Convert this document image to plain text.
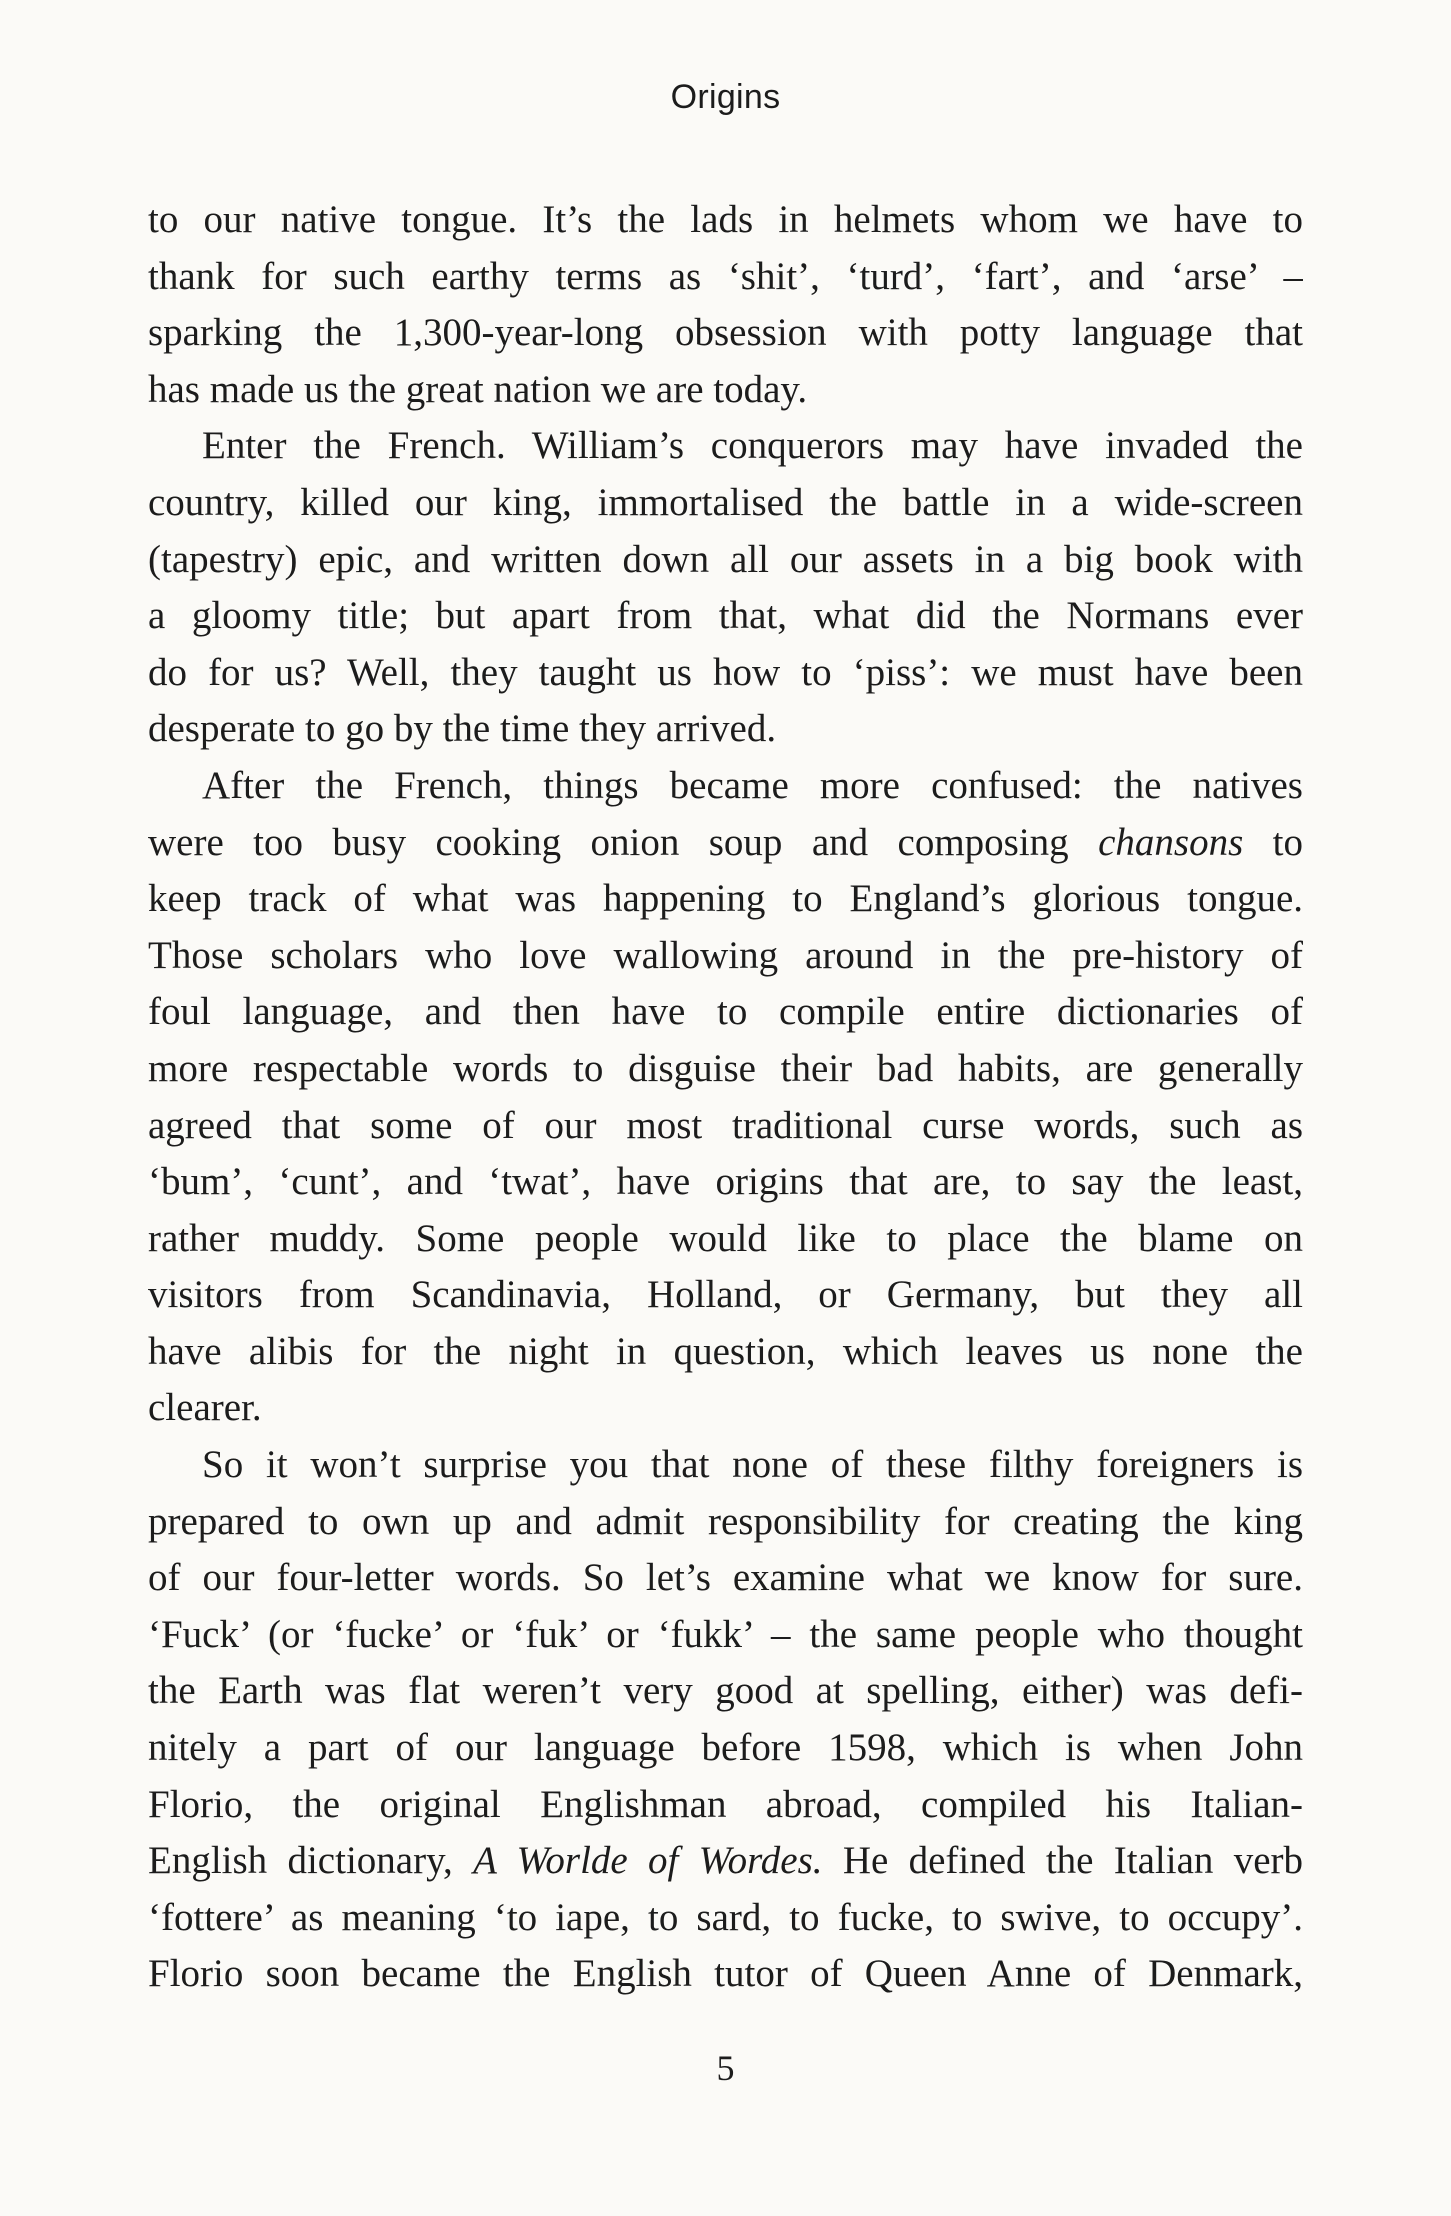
Origins
to our native tongue. It’s the lads in helmets whom we have to
thank for such earthy terms as ‘shit’, ‘turd’, ‘fart’, and ‘arse’ –
sparking the 1,300-year-long obsession with potty language that
has made us the great nation we are today.
Enter the French. William’s conquerors may have invaded the
country, killed our king, immortalised the battle in a wide-screen
(tapestry) epic, and written down all our assets in a big book with
a gloomy title; but apart from that, what did the Normans ever
do for us? Well, they taught us how to ‘piss’: we must have been
desperate to go by the time they arrived.
After the French, things became more confused: the natives
were too busy cooking onion soup and composing chansons to
keep track of what was happening to England’s glorious tongue.
Those scholars who love wallowing around in the pre-history of
foul language, and then have to compile entire dictionaries of
more respectable words to disguise their bad habits, are generally
agreed that some of our most traditional curse words, such as
‘bum’, ‘cunt’, and ‘twat’, have origins that are, to say the least,
rather muddy. Some people would like to place the blame on
visitors from Scandinavia, Holland, or Germany, but they all
have alibis for the night in question, which leaves us none the
clearer.
So it won’t surprise you that none of these filthy foreigners is
prepared to own up and admit responsibility for creating the king
of our four-letter words. So let’s examine what we know for sure.
‘Fuck’ (or ‘fucke’ or ‘fuk’ or ‘fukk’ – the same people who thought
the Earth was flat weren’t very good at spelling, either) was defi-
nitely a part of our language before 1598, which is when John
Florio, the original Englishman abroad, compiled his Italian-
English dictionary, A Worlde of Wordes. He defined the Italian verb
‘fottere’ as meaning ‘to iape, to sard, to fucke, to swive, to occupy’.
Florio soon became the English tutor of Queen Anne of Denmark,
5
